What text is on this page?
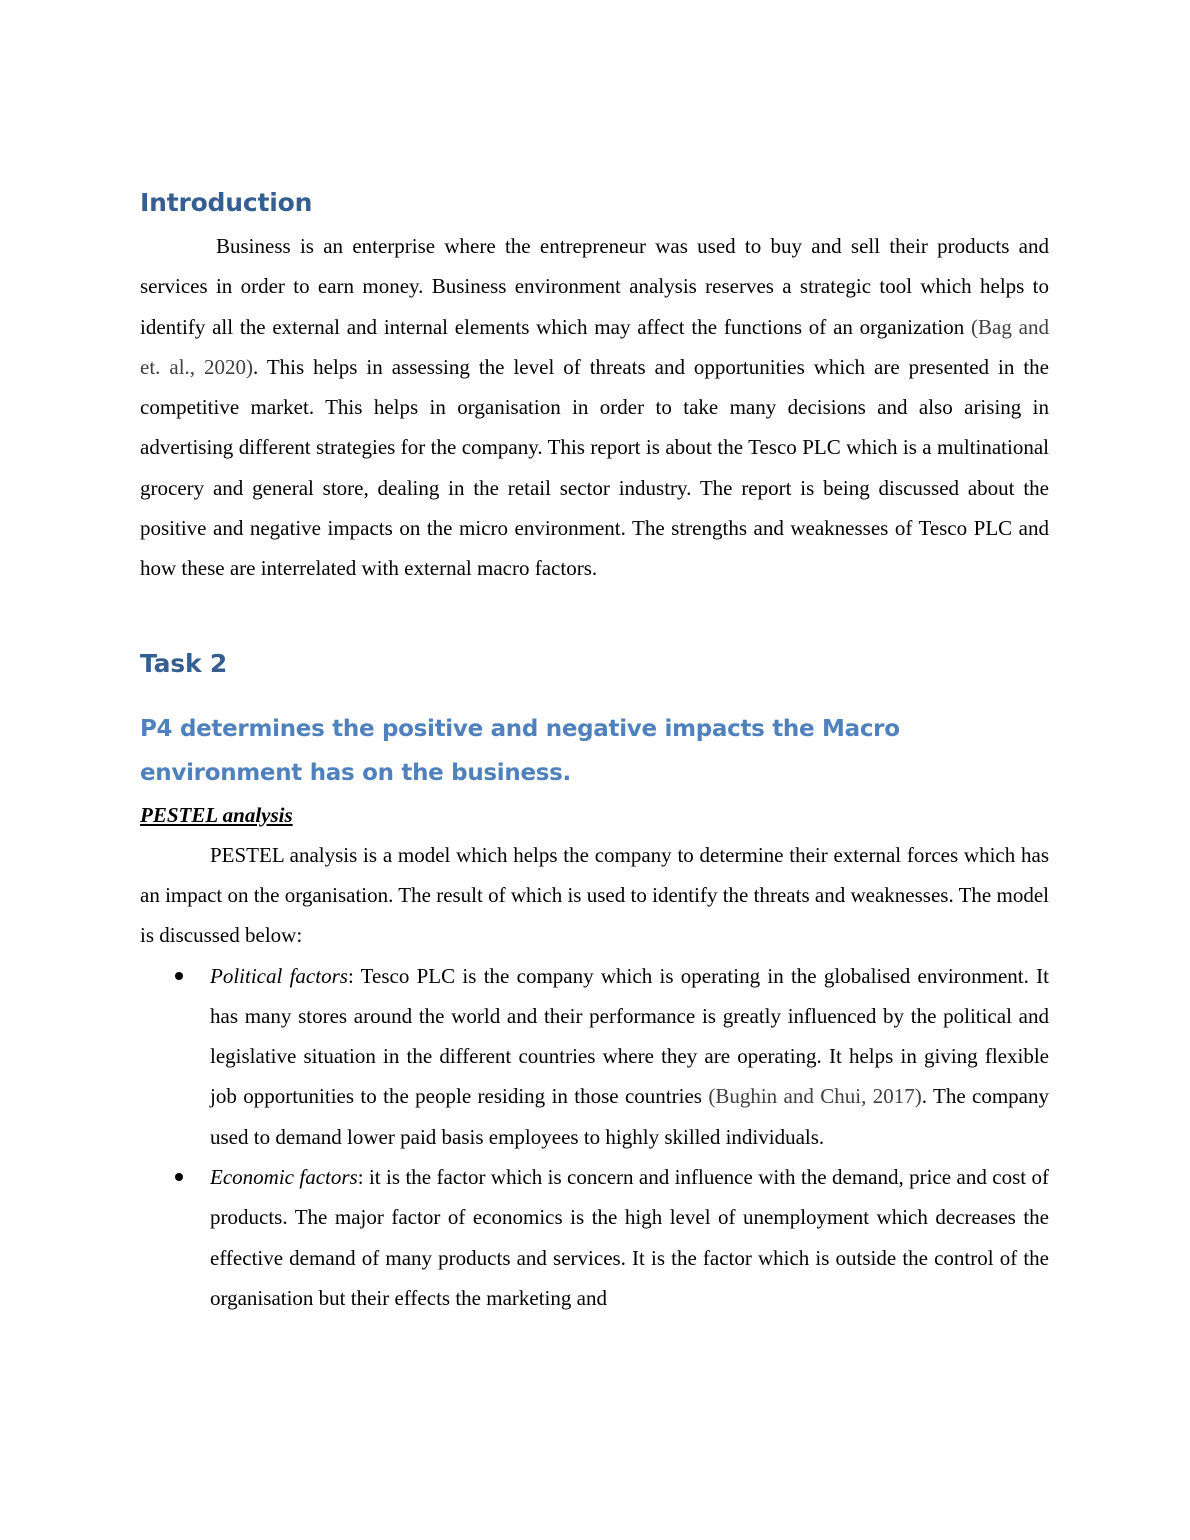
Introduction

Business is an enterprise where the entrepreneur was used to buy and sell their products and services in order to earn money. Business environment analysis reserves a strategic tool which helps to identify all the external and internal elements which may affect the functions of an organization (Bag and et. al., 2020). This helps in assessing the level of threats and opportunities which are presented in the competitive market. This helps in organisation in order to take many decisions and also arising in advertising different strategies for the company. This report is about the Tesco PLC which is a multinational grocery and general store, dealing in the retail sector industry. The report is being discussed about the positive and negative impacts on the micro environment. The strengths and weaknesses of Tesco PLC and how these are interrelated with external macro factors.

Task 2
P4 determines the positive and negative impacts the Macro environment has on the business.

PESTEL analysis

PESTEL analysis is a model which helps the company to determine their external forces which has an impact on the organisation. The result of which is used to identify the threats and weaknesses. The model is discussed below:

Political factors: Tesco PLC is the company which is operating in the globalised environment. It has many stores around the world and their performance is greatly influenced by the political and legislative situation in the different countries where they are operating. It helps in giving flexible job opportunities to the people residing in those countries (Bughin and Chui, 2017). The company used to demand lower paid basis employees to highly skilled individuals.
Economic factors: it is the factor which is concern and influence with the demand, price and cost of products. The major factor of economics is the high level of unemployment which decreases the effective demand of many products and services. It is the factor which is outside the control of the organisation but their effects the marketing and
